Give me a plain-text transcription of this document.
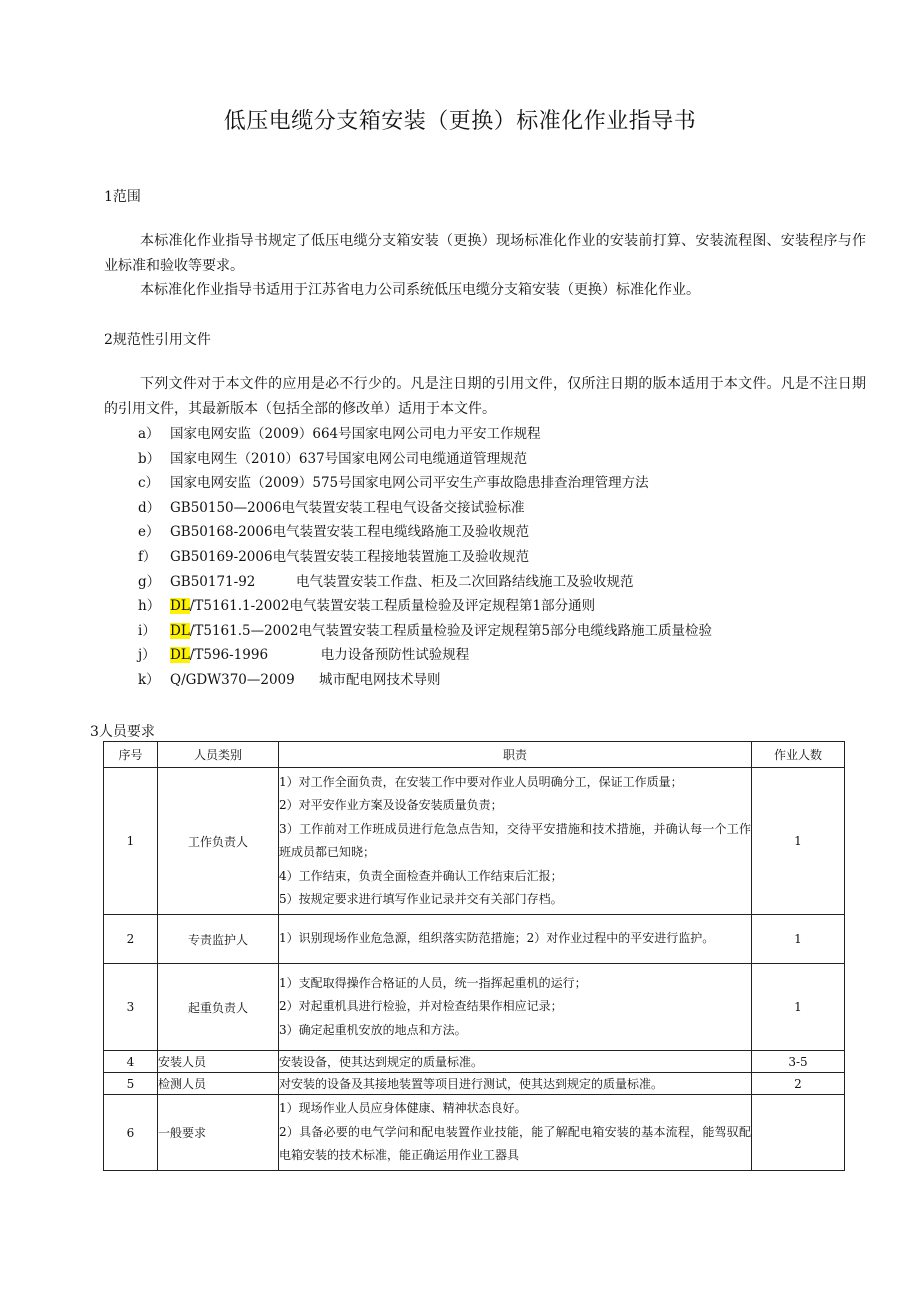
低压电缆分支箱安装（更换）标准化作业指导书
1范围

本标准化作业指导书规定了低压电缆分支箱安装（更换）现场标准化作业的安装前打算、安装流程图、安装程序与作业标准和验收等要求。

本标准化作业指导书适用于江苏省电力公司系统低压电缆分支箱安装（更换）标准化作业。

2规范性引用文件

下列文件对于本文件的应用是必不行少的。凡是注日期的引用文件，仅所注日期的版本适用于本文件。凡是不注日期的引用文件，其最新版本（包括全部的修改单）适用于本文件。

a） 国家电网安监（2009）664号国家电网公司电力平安工作规程
b） 国家电网生（2010）637号国家电网公司电缆通道管理规范
c） 国家电网安监（2009）575号国家电网公司平安生产事故隐患排查治理管理方法
d） GB50150—2006电气装置安装工程电气设备交接试验标准
e） GB50168-2006电气装置安装工程电缆线路施工及验收规范
f） GB50169-2006电气装置安装工程接地装置施工及验收规范
g） GB50171-92	电气装置安装工作盘、柜及二次回路结线施工及验收规范
h） DL/T5161.1-2002电气装置安装工程质量检验及评定规程第1部分通则
i） DL/T5161.5—2002电气装置安装工程质量检验及评定规程第5部分电缆线路施工质量检验
j） DL/T596-1996	电力设备预防性试验规程
k） Q/GDW370—2009 城市配电网技术导则
3人员要求
序号	人员类别	职责	作业人数
1	工作负责人	1）对工作全面负责，在安装工作中要对作业人员明确分工，保证工作质量；
2）对平安作业方案及设备安装质量负责；
3）工作前对工作班成员进行危急点告知，交待平安措施和技术措施，并确认每一个工作班成员都已知晓；
4）工作结束，负责全面检查并确认工作结束后汇报；
5）按规定要求进行填写作业记录并交有关部门存档。	1
2	专责监护人	1）识别现场作业危急源，组织落实防范措施；2）对作业过程中的平安进行监护。	1
3	起重负责人	1）支配取得操作合格证的人员，统一指挥起重机的运行；
2）对起重机具进行检验，并对检查结果作相应记录；
3）确定起重机安放的地点和方法。	1
4	安装人员	安装设备，使其达到规定的质量标准。	3-5
5	检测人员	对安装的设备及其接地装置等项目进行测试，使其达到规定的质量标准。	2
6	一般要求	1）现场作业人员应身体健康、精神状态良好。
2）具备必要的电气学问和配电装置作业技能，能了解配电箱安装的基本流程，能驾驭配电箱安装的技术标准，能正确运用作业工器具	
